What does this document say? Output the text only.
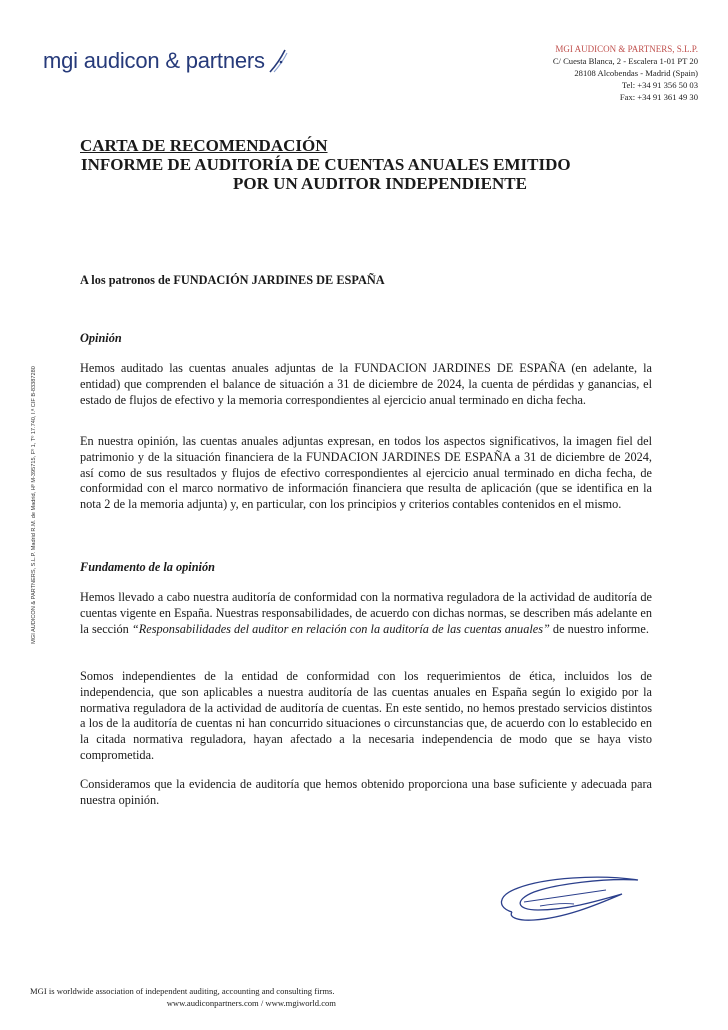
mgi audicon & partners	MGI AUDICON & PARTNERS, S.L.P.
C/ Cuesta Blanca, 2 - Escalera 1-01 PT 20
28108 Alcobendas - Madrid (Spain)
Tel: +34 91 356 50 03
Fax: +34 91 361 49 30
CARTA DE RECOMENDACIÓN
INFORME DE AUDITORÍA DE CUENTAS ANUALES EMITIDO
POR UN AUDITOR INDEPENDIENTE
A los patronos de FUNDACIÓN JARDINES DE ESPAÑA
Opinión
Hemos auditado las cuentas anuales adjuntas de la FUNDACION JARDINES DE ESPAÑA (en adelante, la entidad) que comprenden el balance de situación a 31 de diciembre de 2024, la cuenta de pérdidas y ganancias, el estado de flujos de efectivo y la memoria correspondientes al ejercicio anual terminado en dicha fecha.
En nuestra opinión, las cuentas anuales adjuntas expresan, en todos los aspectos significativos, la imagen fiel del patrimonio y de la situación financiera de la FUNDACION JARDINES DE ESPAÑA a 31 de diciembre de 2024, así como de sus resultados y flujos de efectivo correspondientes al ejercicio anual terminado en dicha fecha, de conformidad con el marco normativo de información financiera que resulta de aplicación (que se identifica en la nota 2 de la memoria adjunta) y, en particular, con los principios y criterios contables contenidos en el mismo.
Fundamento de la opinión
Hemos llevado a cabo nuestra auditoría de conformidad con la normativa reguladora de la actividad de auditoría de cuentas vigente en España. Nuestras responsabilidades, de acuerdo con dichas normas, se describen más adelante en la sección “Responsabilidades del auditor en relación con la auditoría de las cuentas anuales” de nuestro informe.
Somos independientes de la entidad de conformidad con los requerimientos de ética, incluidos los de independencia, que son aplicables a nuestra auditoría de las cuentas anuales en España según lo exigido por la normativa reguladora de la actividad de auditoría de cuentas. En este sentido, no hemos prestado servicios distintos a los de la auditoría de cuentas ni han concurrido situaciones o circunstancias que, de acuerdo con lo establecido en la citada normativa reguladora, hayan afectado a la necesaria independencia de modo que se haya visto comprometida.
Consideramos que la evidencia de auditoría que hemos obtenido proporciona una base suficiente y adecuada para nuestra opinión.
MGI AUDICON & PARTNERS, S.L.P. Madrid R.M. de Madrid, Hº M-395715, Fº 1, Tº 17.740, I.ª CIF B-83387280
MGI is worldwide association of independent auditing, accounting and consulting firms.
www.audiconpartners.com / www.mgiworld.com
